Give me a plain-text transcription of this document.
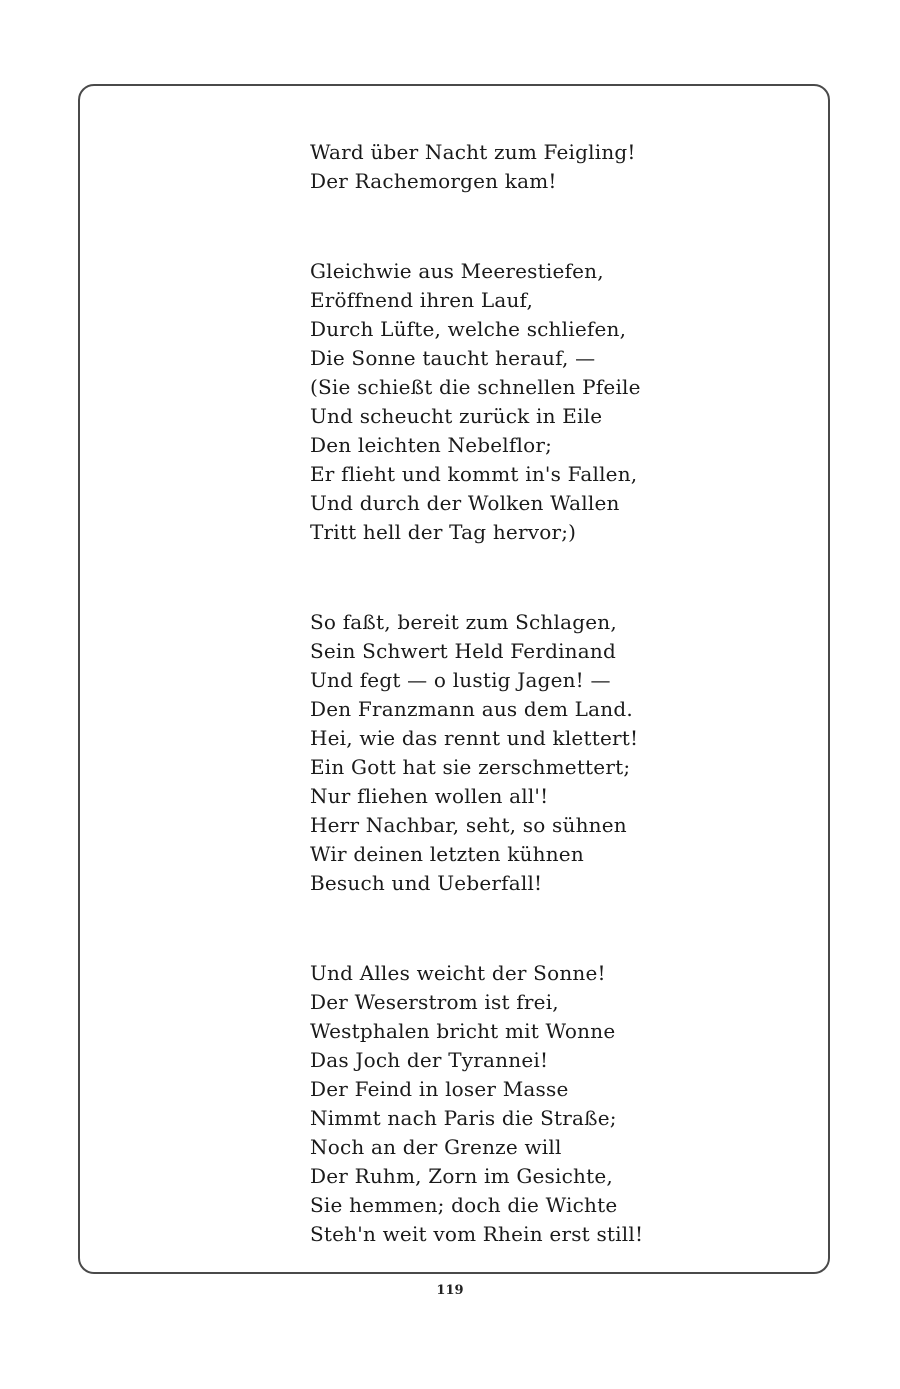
Ward über Nacht zum Feigling!
Der Rachemorgen kam!
Gleichwie aus Meerestiefen,
Eröffnend ihren Lauf,
Durch Lüfte, welche schliefen,
Die Sonne taucht herauf, —
(Sie schießt die schnellen Pfeile
Und scheucht zurück in Eile
Den leichten Nebelflor;
Er flieht und kommt in's Fallen,
Und durch der Wolken Wallen
Tritt hell der Tag hervor;)
So faßt, bereit zum Schlagen,
Sein Schwert Held Ferdinand
Und fegt — o lustig Jagen! —
Den Franzmann aus dem Land.
Hei, wie das rennt und klettert!
Ein Gott hat sie zerschmettert;
Nur fliehen wollen all'!
Herr Nachbar, seht, so sühnen
Wir deinen letzten kühnen
Besuch und Ueberfall!
Und Alles weicht der Sonne!
Der Weserstrom ist frei,
Westphalen bricht mit Wonne
Das Joch der Tyrannei!
Der Feind in loser Masse
Nimmt nach Paris die Straße;
Noch an der Grenze will
Der Ruhm, Zorn im Gesichte,
Sie hemmen; doch die Wichte
Steh'n weit vom Rhein erst still!
119
